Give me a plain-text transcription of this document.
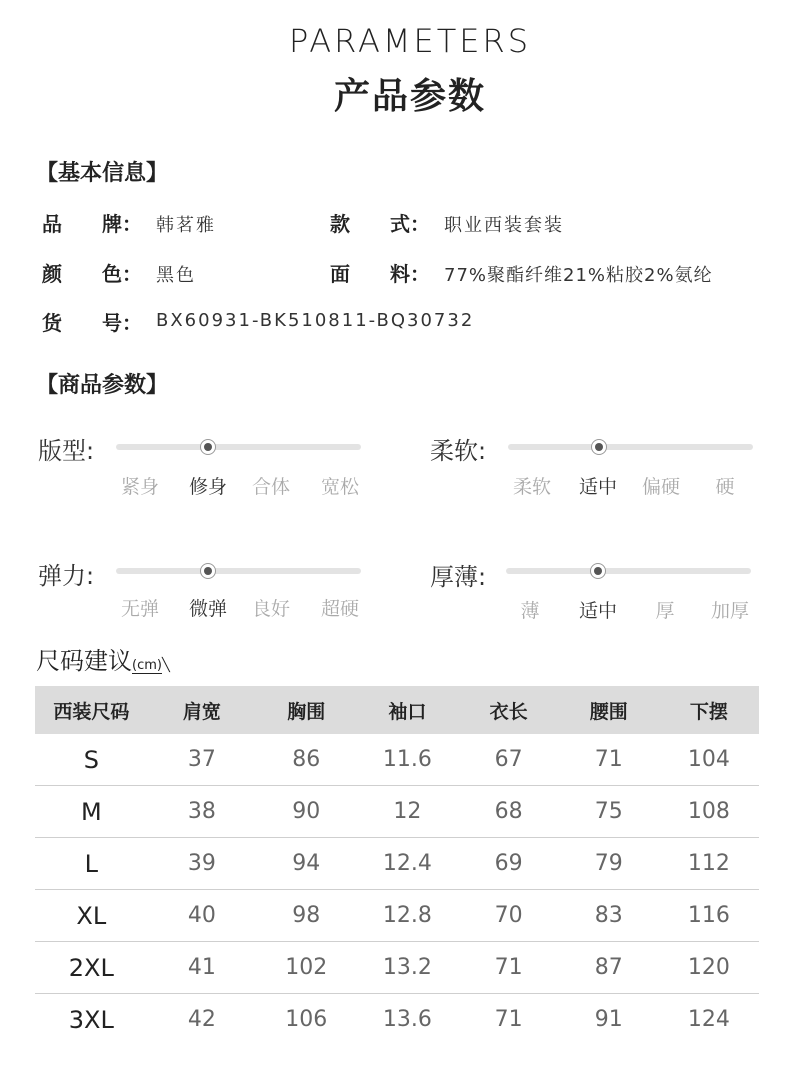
PARAMETERS
产品参数
【基本信息】
品　　牌： 韩茗雅	款　　式： 职业西装套装
颜　　色： 黑色	面　　料： 77%聚酯纤维21%粘胶2%氨纶
货　　号： BX60931-BK510811-BQ30732
【商品参数】
版型:
紧身	修身	合体	宽松
柔软:
柔软	适中	偏硬	硬
弹力:
无弹	微弹	良好	超硬
厚薄:
薄	适中	厚	加厚
尺码建议(cm)╲
西装尺码	肩宽	胸围	袖口	衣长	腰围	下摆
S	37	86	11.6	67	71	104
M	38	90	12	68	75	108
L	39	94	12.4	69	79	112
XL	40	98	12.8	70	83	116
2XL	41	102	13.2	71	87	120
3XL	42	106	13.6	71	91	124
